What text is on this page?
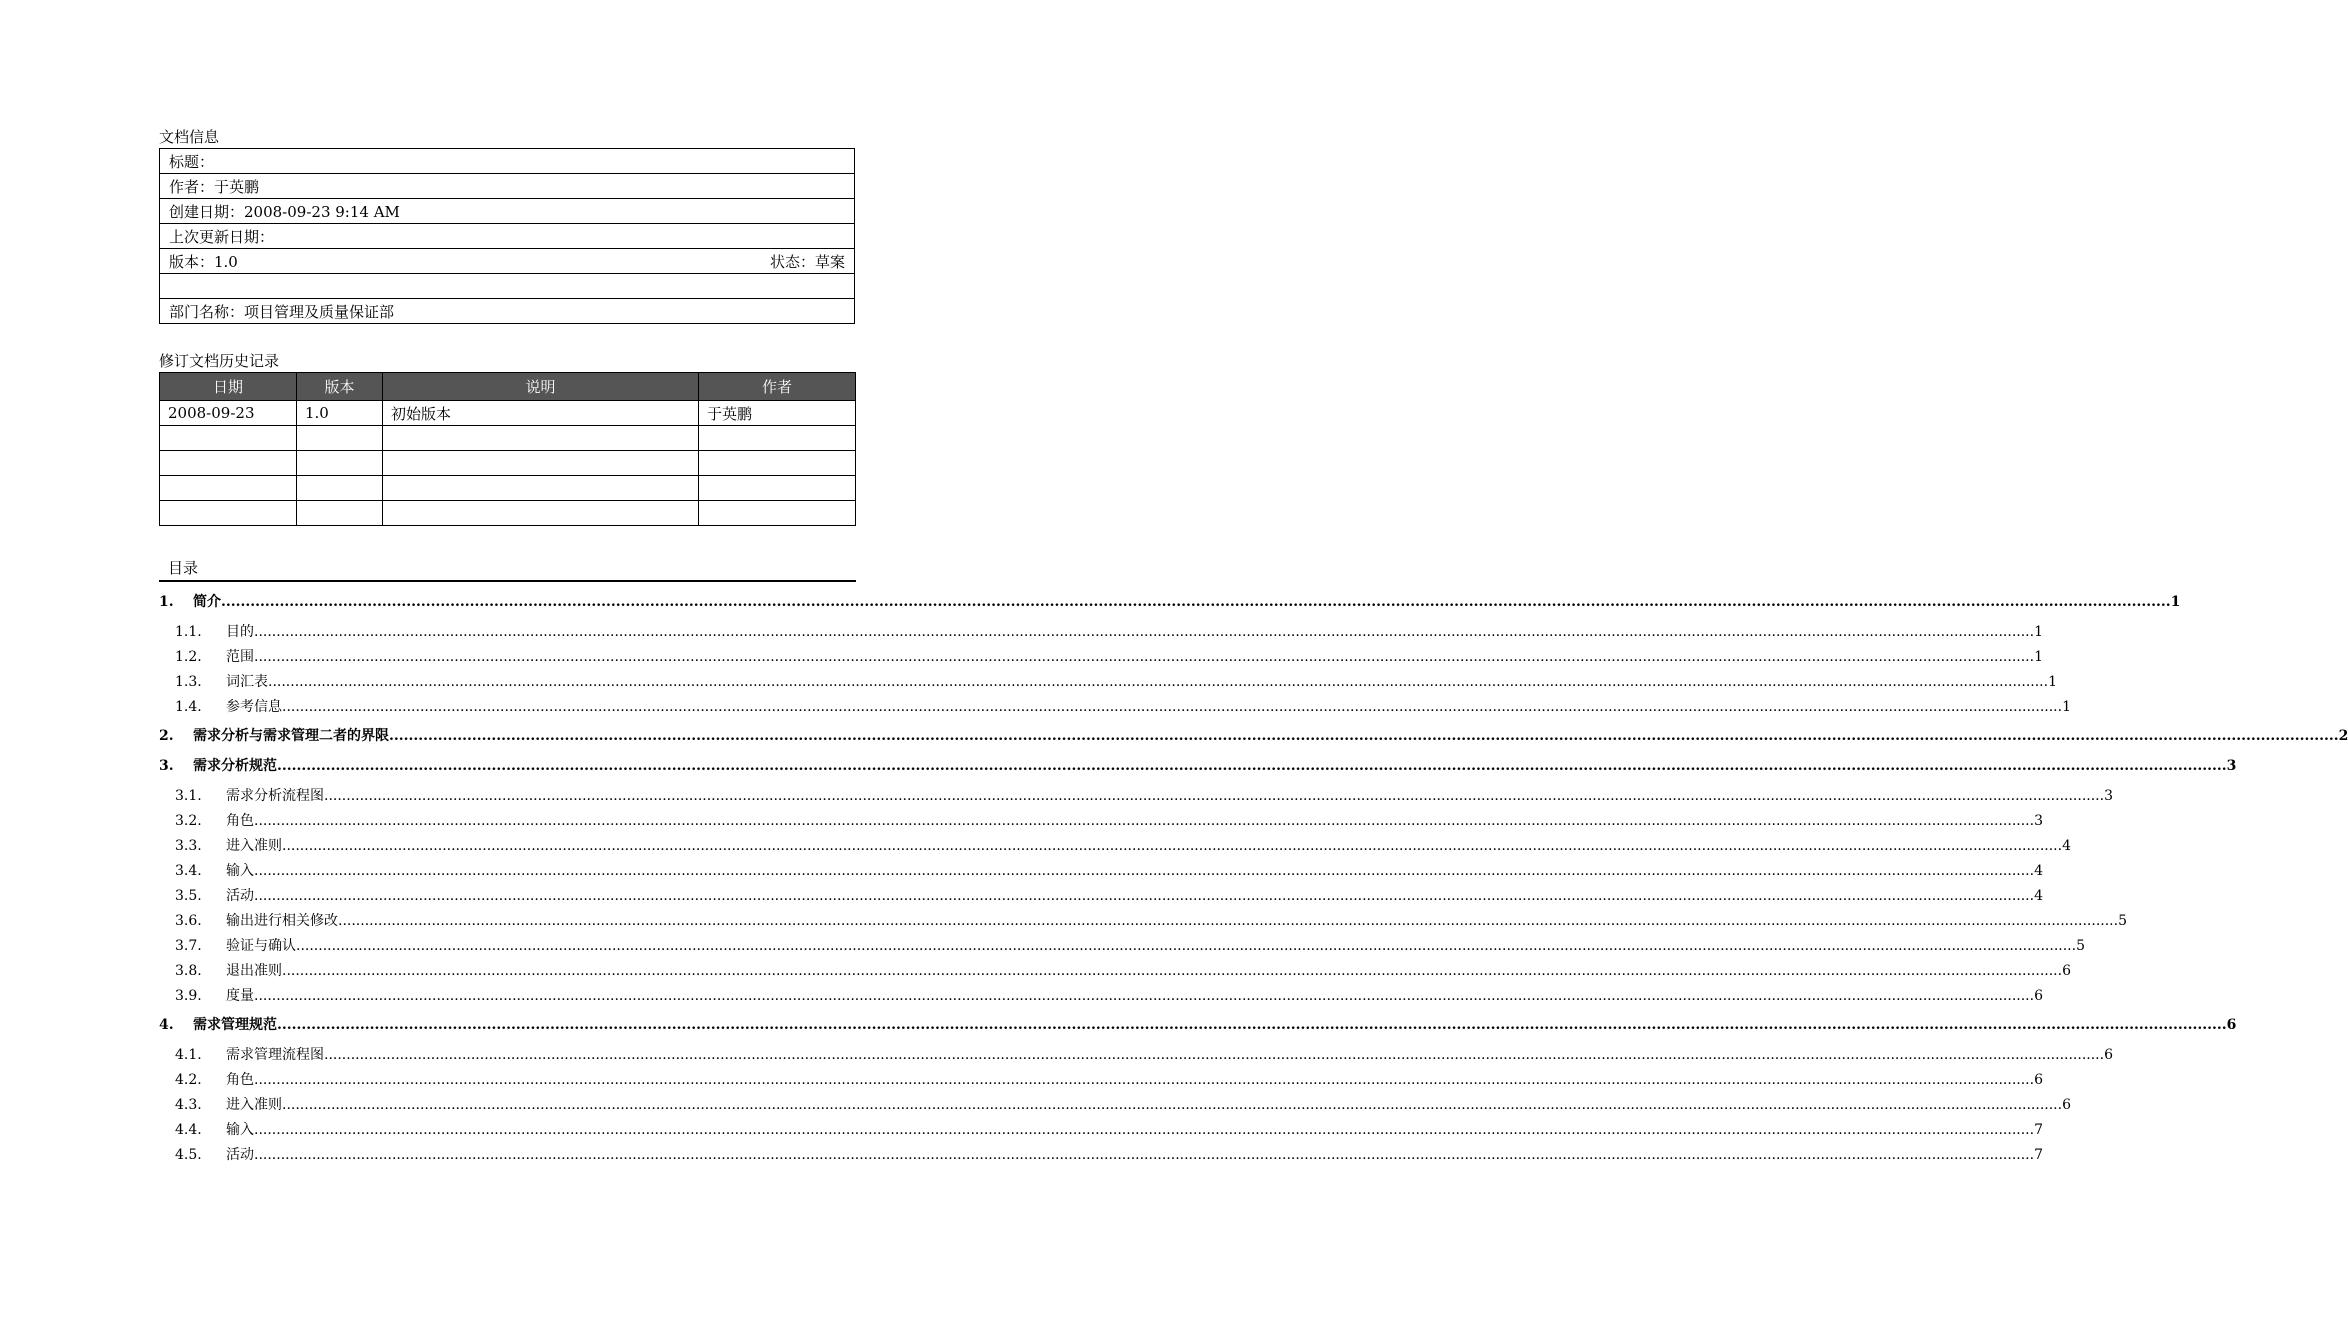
文档信息
标题：
作者：于英鹏
创建日期：2008-09-23 9:14 AM
上次更新日期：
版本：1.0	状态：草案

部门名称：项目管理及质量保证部
修订文档历史记录
日期	版本	说明	作者
2008-09-23	1.0	初始版本	于英鹏

目录
1.	简介 ................................................................................................................................................................................................................................................................................................................................................................................................................ 1
1.1.	目的 ................................................................................................................................................................................................................................................................................................................................................................................................................ 1
1.2.	范围 ................................................................................................................................................................................................................................................................................................................................................................................................................ 1
1.3.	词汇表 ................................................................................................................................................................................................................................................................................................................................................................................................................ 1
1.4.	参考信息 ................................................................................................................................................................................................................................................................................................................................................................................................................ 1
2.	需求分析与需求管理二者的界限 ................................................................................................................................................................................................................................................................................................................................................................................................................ 2
3.	需求分析规范 ................................................................................................................................................................................................................................................................................................................................................................................................................ 3
3.1.	需求分析流程图 ................................................................................................................................................................................................................................................................................................................................................................................................................ 3
3.2.	角色 ................................................................................................................................................................................................................................................................................................................................................................................................................ 3
3.3.	进入准则 ................................................................................................................................................................................................................................................................................................................................................................................................................ 4
3.4.	输入 ................................................................................................................................................................................................................................................................................................................................................................................................................ 4
3.5.	活动 ................................................................................................................................................................................................................................................................................................................................................................................................................ 4
3.6.	输出进行相关修改 ................................................................................................................................................................................................................................................................................................................................................................................................................ 5
3.7.	验证与确认 ................................................................................................................................................................................................................................................................................................................................................................................................................ 5
3.8.	退出准则 ................................................................................................................................................................................................................................................................................................................................................................................................................ 6
3.9.	度量 ................................................................................................................................................................................................................................................................................................................................................................................................................ 6
4.	需求管理规范 ................................................................................................................................................................................................................................................................................................................................................................................................................ 6
4.1.	需求管理流程图 ................................................................................................................................................................................................................................................................................................................................................................................................................ 6
4.2.	角色 ................................................................................................................................................................................................................................................................................................................................................................................................................ 6
4.3.	进入准则 ................................................................................................................................................................................................................................................................................................................................................................................................................ 6
4.4.	输入 ................................................................................................................................................................................................................................................................................................................................................................................................................ 7
4.5.	活动 ................................................................................................................................................................................................................................................................................................................................................................................................................ 7
